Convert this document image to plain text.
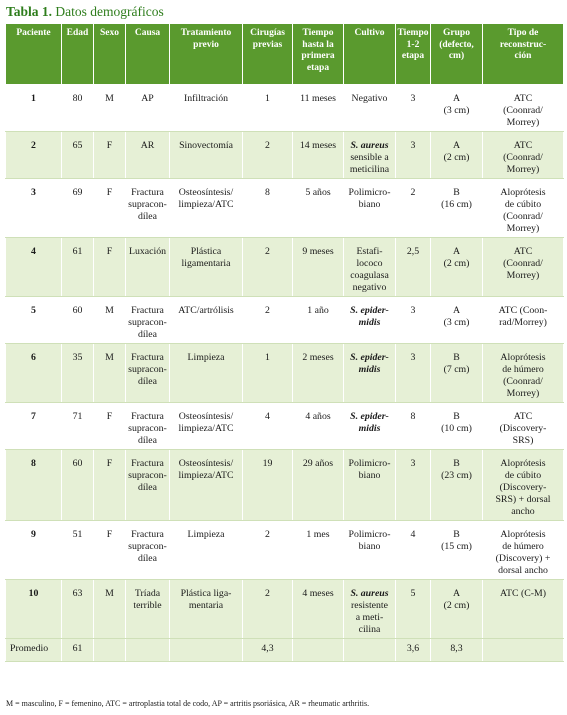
Tabla 1. Datos demográficos
Paciente	Edad	Sexo	Causa	Tratamiento
previo	Cirugías
previas	Tiempo
hasta la
primera
etapa	Cultivo	Tiempo
1-2
etapa	Grupo
(defecto,
cm)	Tipo de
reconstruc-
ción
1	80	M	AP	Infiltración	1	11 meses	Negativo	3	A
(3 cm)	ATC
(Coonrad/
Morrey)
2	65	F	AR	Sinovectomía	2	14 meses	S. aureus
sensible a
meticilina	3	A
(2 cm)	ATC
(Coonrad/
Morrey)
3	69	F	Fractura
supracon-
dílea	Osteosíntesis/
limpieza/ATC	8	5 años	Polimicro-
biano	2	B
(16 cm)	Aloprótesis
de cúbito
(Coonrad/
Morrey)
4	61	F	Luxación	Plástica
ligamentaria	2	9 meses	Estafi-
lococo
coagulasa
negativo	2,5	A
(2 cm)	ATC
(Coonrad/
Morrey)
5	60	M	Fractura
supracon-
dílea	ATC/artrólisis	2	1 año	S. epider-
midis	3	A
(3 cm)	ATC (Coon-
rad/Morrey)
6	35	M	Fractura
supracon-
dílea	Limpieza	1	2 meses	S. epider-
midis	3	B
(7 cm)	Aloprótesis
de húmero
(Coonrad/
Morrey)
7	71	F	Fractura
supracon-
dílea	Osteosíntesis/
limpieza/ATC	4	4 años	S. epider-
midis	8	B
(10 cm)	ATC
(Discovery-
SRS)
8	60	F	Fractura
supracon-
dílea	Osteosíntesis/
limpieza/ATC	19	29 años	Polimicro-
biano	3	B
(23 cm)	Aloprótesis
de cúbito
(Discovery-
SRS) + dorsal
ancho
9	51	F	Fractura
supracon-
dílea	Limpieza	2	1 mes	Polimicro-
biano	4	B
(15 cm)	Aloprótesis
de húmero
(Discovery) +
dorsal ancho
10	63	M	Tríada
terrible	Plástica liga-
mentaria	2	4 meses	S. aureus
resistente
a meti-
cilina	5	A
(2 cm)	ATC (C-M)
Promedio	61				4,3			3,6	8,3	
M = masculino, F = femenino, ATC = artroplastia total de codo, AP = artritis psoriásica, AR = rheumatic arthritis.
